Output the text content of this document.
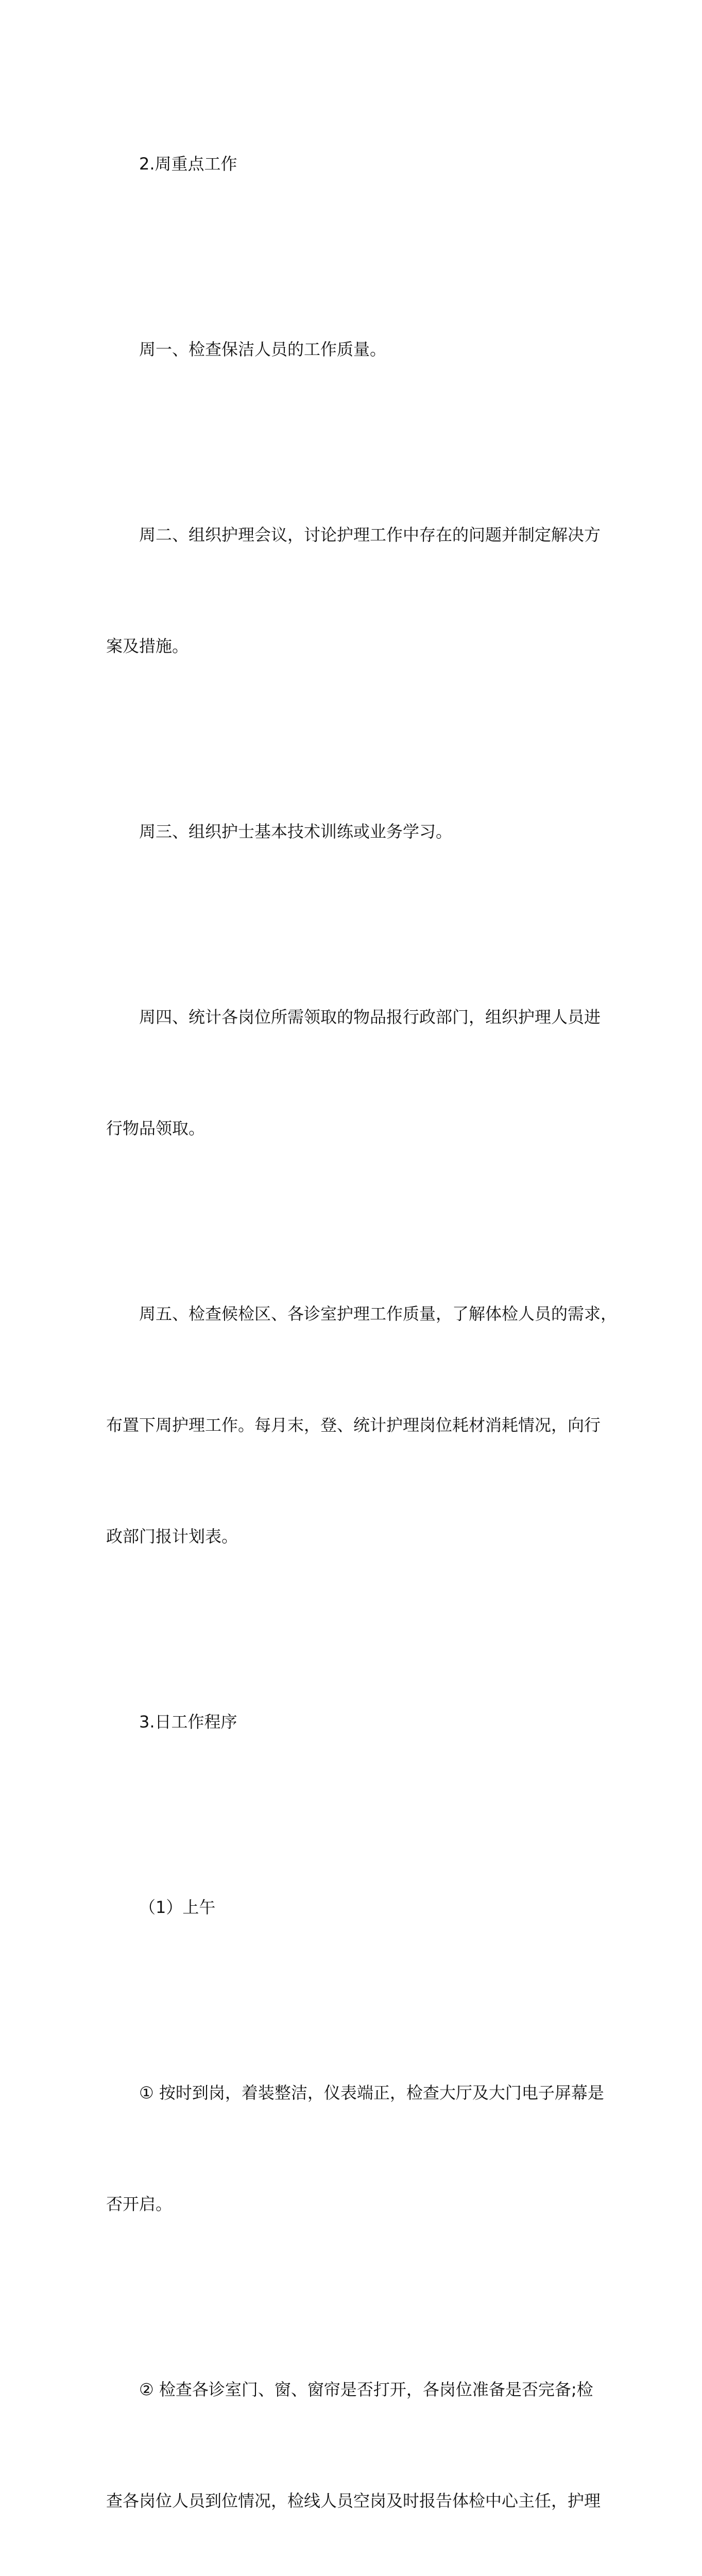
2.周重点工作

周一、检查保洁人员的工作质量。

周二、组织护理会议，讨论护理工作中存在的问题并制定解决方

案及措施。

周三、组织护士基本技术训练或业务学习。

周四、统计各岗位所需领取的物品报行政部门，组织护理人员进

行物品领取。

周五、检查候检区、各诊室护理工作质量，了解体检人员的需求，

布置下周护理工作。每月末，登、统计护理岗位耗材消耗情况，向行

政部门报计划表。

3.日工作程序

（1）上午

① 按时到岗，着装整洁，仪表端正，检查大厅及大门电子屏幕是

否开启。

② 检查各诊室门、窗、窗帘是否打开，各岗位准备是否完备;检

查各岗位人员到位情况，检线人员空岗及时报告体检中心主任，护理
